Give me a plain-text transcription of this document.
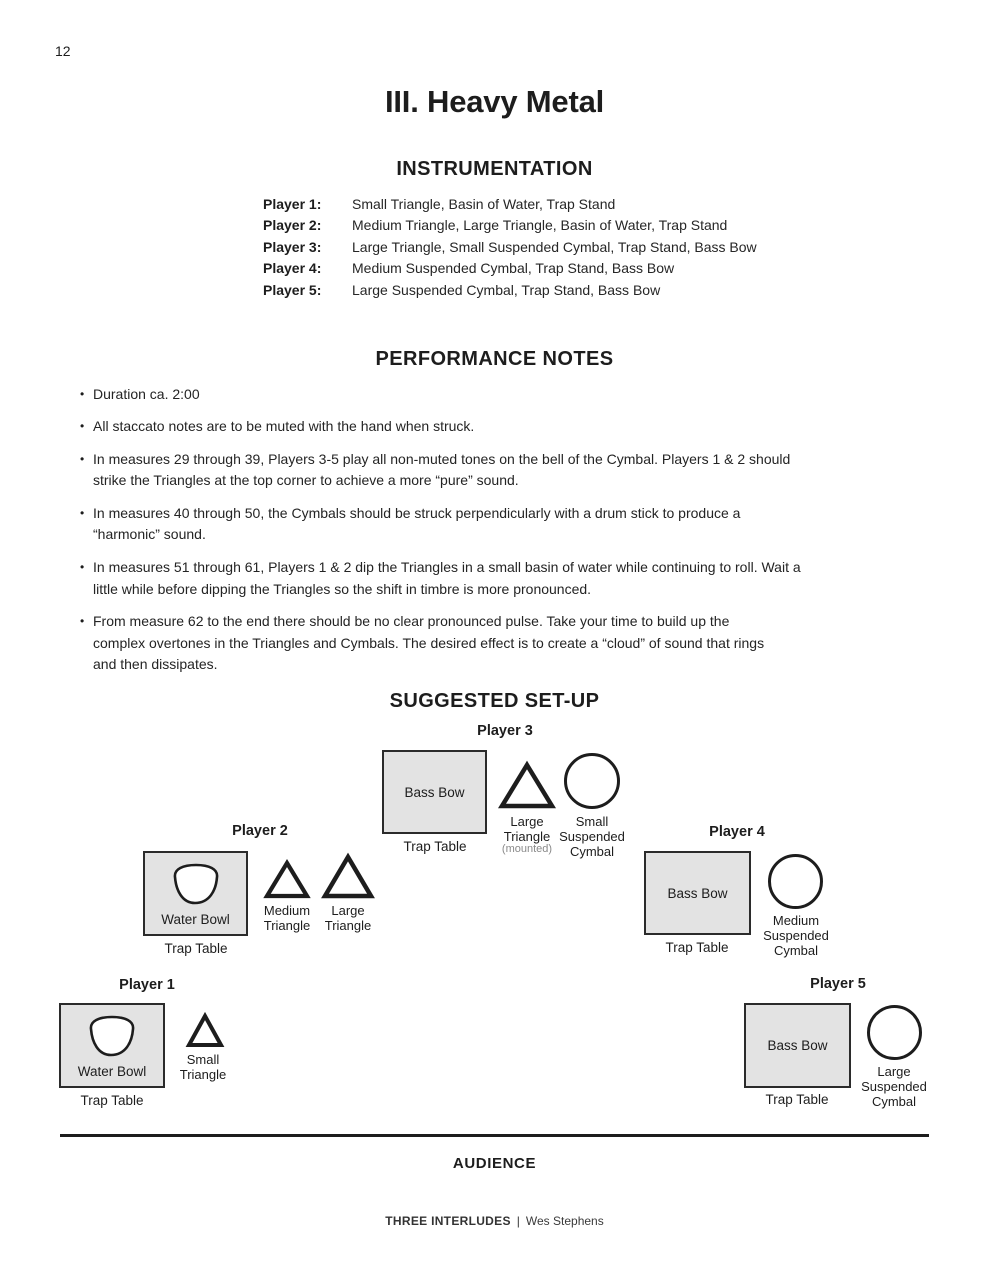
12
III. Heavy Metal
INSTRUMENTATION
Player 1: Small Triangle, Basin of Water, Trap Stand
Player 2: Medium Triangle, Large Triangle, Basin of Water, Trap Stand
Player 3: Large Triangle, Small Suspended Cymbal, Trap Stand, Bass Bow
Player 4: Medium Suspended Cymbal, Trap Stand, Bass Bow
Player 5: Large Suspended Cymbal, Trap Stand, Bass Bow
PERFORMANCE NOTES
• Duration ca. 2:00
• All staccato notes are to be muted with the hand when struck.
• In measures 29 through 39, Players 3-5 play all non-muted tones on the bell of the Cymbal. Players 1 & 2 should
strike the Triangles at the top corner to achieve a more “pure” sound.
• In measures 40 through 50, the Cymbals should be struck perpendicularly with a drum stick to produce a
“harmonic” sound.
• In measures 51 through 61, Players 1 & 2 dip the Triangles in a small basin of water while continuing to roll. Wait a
little while before dipping the Triangles so the shift in timbre is more pronounced.
• From measure 62 to the end there should be no clear pronounced pulse. Take your time to build up the
complex overtones in the Triangles and Cymbals. The desired effect is to create a “cloud” of sound that rings
and then dissipates.
SUGGESTED SET-UP
Player 3
Bass Bow
Trap Table
Large Triangle
(mounted)
Small Suspended Cymbal
Player 2
Water Bowl
Trap Table
Medium Triangle
Large Triangle
Player 4
Bass Bow
Trap Table
Medium Suspended Cymbal
Player 1
Water Bowl
Trap Table
Small Triangle
Player 5
Bass Bow
Trap Table
Large Suspended Cymbal
AUDIENCE
THREE INTERLUDES | Wes Stephens
